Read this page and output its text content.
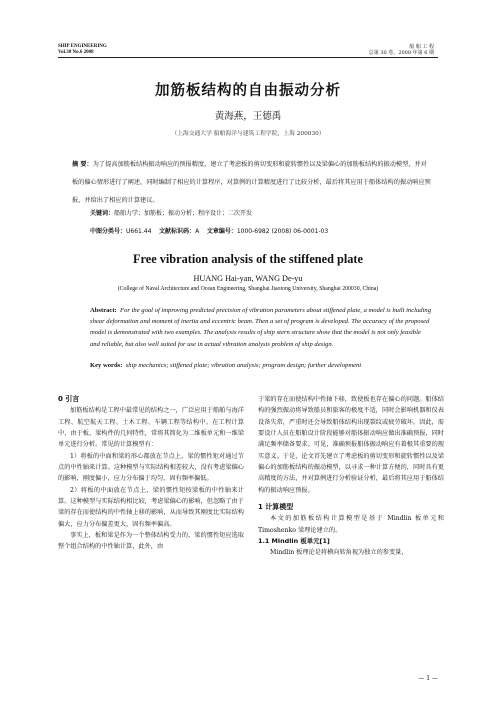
SHIP ENGINEERING
Vol.30 No.6 2008
船 舶 工 程
总第 30 卷，2008 年第 6 期
加筋板结构的自由振动分析
黄海燕，王德禹
（上海交通大学 船舶海洋与建筑工程学院，上海 200030）
摘 要：为了提高加筋板结构振动响应的预报精度，建立了考虑板的剪切变形和旋转惯性以及梁偏心的加筋板结构的振动模型，并对板的偏心情形进行了阐述，同时编制了相应的计算程序，对算例的计算精度进行了比较分析，最后将其应用于船体结构的振动响应预报，并给出了相应的计算建议。
关键词：船舶力学；加筋板；振动分析；程序设计；二次开发
中图分类号：U661.44 文献标识码：A 文章编号：1000-6982 (2008) 06-0001-03
Free vibration analysis of the stiffened plate
HUANG Hai-yan, WANG De-yu
(College of Naval Architecture and Ocean Engineering, Shanghai Jiaotong University, Shanghai 200030, China)
Abstract: For the goal of improving predicted precision of vibration parameters about stiffened plate, a model is built including shear deformation and moment of inertia and eccentric beam. Then a set of program is developed. The accuracy of the proposed model is demonstrated with two examples. The analysis results of ship stern structure show that the model is not only feasible and reliable, but also well suited for use in actual vibration analysis problem of ship design.
Key words: ship mechanics; stiffened plate; vibration analysis; program design; further development
0 引言

加筋板结构是工程中最常见的结构之一，广泛应用于船舶与海洋工程、航空航天工程、土木工程、车辆工程等结构中。在工程计算中，由于板、梁构件的几何特性，常将其简化为二维板单元和一维梁单元进行分析。常见的计算模型有：

1）将板的中面和梁的形心都放在节点上，梁的惯性矩对通过节点的中性轴来计算。这种模型与实际结构相差较大，没有考虑梁偏心的影响，刚度偏小，应力分布偏于均匀，固有频率偏低。

2）将板的中面放在节点上，梁的惯性矩按梁板的中性轴来计算。这种模型与实际结构相比较，考虑梁偏心的影响，但忽略了由于梁的存在而使结构的中性轴上移的影响，从而导致其刚度比实际结构偏大，应力分布偏差更大，固有频率偏高。

事实上，板和梁是作为一个整体结构受力的，梁的惯性矩应选取整个组合结构的中性轴计算，此外，由

于梁的存在而使结构中性轴下移，致使板也存在偏心的问题。船体结构的强烈振动将导致船员和旅客的极度不适，同时会影响机器和仪表设备失常，严重时还会导致船体结构出现裂纹或疲劳破坏。因此，需要设计人员在船舶设计阶段能够对船体振动响应做出准确预报，同时满足频率储备要求。可见，准确预报船体振动响应有着极其重要的现实意义。于是，论文首先建立了考虑板的剪切变形和旋转惯性以及梁偏心的加筋板结构的振动模型，以寻求一种计算方便的，同时具有更高精度的方法，并对算例进行分析验证分析，最后将其应用于船体结构的振动响应预报。

1 计算模型

本文的加筋板结构计算模型是基于 Mindlin 板单元和 Timoshenko 梁理论建立的。

1.1 Mindlin 板单元[1]

Mindlin 板理论是将横向转角视为独立的参变量，

— 1 —
